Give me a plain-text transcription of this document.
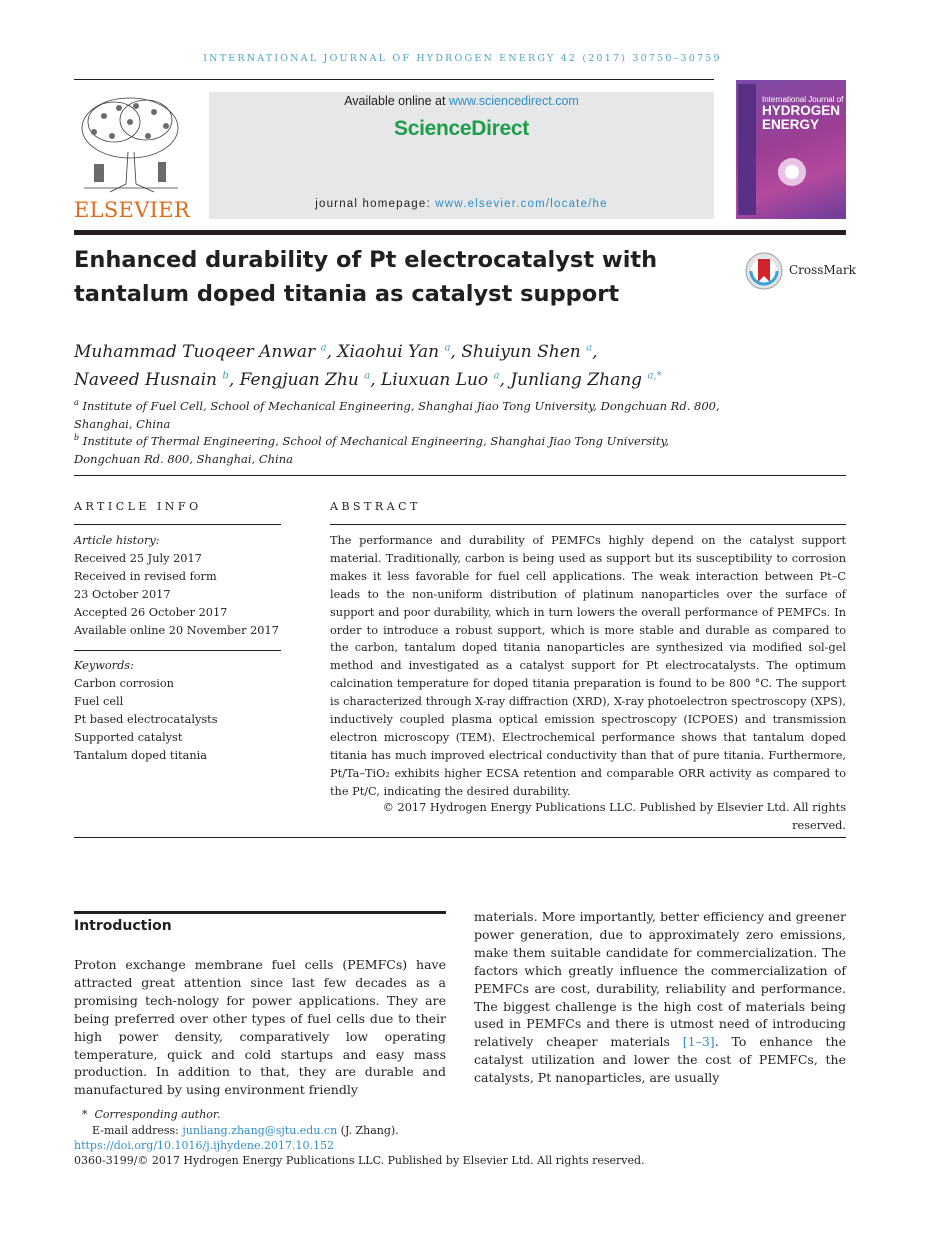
INTERNATIONAL JOURNAL OF HYDROGEN ENERGY 42 (2017) 30750–30759
ELSEVIER
Available online at www.sciencedirect.com
ScienceDirect
journal homepage: www.elsevier.com/locate/he
International Journal of
HYDROGEN ENERGY
Enhanced durability of Pt electrocatalyst with tantalum doped titania as catalyst support
CrossMark
Muhammad Tuoqeer Anwar $^a$, Xiaohui Yan $^a$, Shuiyun Shen $^a$,
Naveed Husnain $^b$, Fengjuan Zhu $^a$, Liuxuan Luo $^a$, Junliang Zhang $^{a,*}$
$^a$ Institute of Fuel Cell, School of Mechanical Engineering, Shanghai Jiao Tong University, Dongchuan Rd. 800, Shanghai, China
$^b$ Institute of Thermal Engineering, School of Mechanical Engineering, Shanghai Jiao Tong University, Dongchuan Rd. 800, Shanghai, China
ARTICLE INFO
Article history:
Received 25 July 2017
Received in revised form
23 October 2017
Accepted 26 October 2017
Available online 20 November 2017
Keywords:
Carbon corrosion
Fuel cell
Pt based electrocatalysts
Supported catalyst
Tantalum doped titania
ABSTRACT
The performance and durability of PEMFCs highly depend on the catalyst support material. Traditionally, carbon is being used as support but its susceptibility to corrosion makes it less favorable for fuel cell applications. The weak interaction between Pt–C leads to the non-uniform distribution of platinum nanoparticles over the surface of support and poor durability, which in turn lowers the overall performance of PEMFCs. In order to introduce a robust support, which is more stable and durable as compared to the carbon, tantalum doped titania nanoparticles are synthesized via modified sol-gel method and investigated as a catalyst support for Pt electrocatalysts. The optimum calcination temperature for doped titania preparation is found to be 800 °C. The support is characterized through X-ray diffraction (XRD), X-ray photoelectron spectroscopy (XPS), inductively coupled plasma optical emission spectroscopy (ICPOES) and transmission electron microscopy (TEM). Electrochemical performance shows that tantalum doped titania has much improved electrical conductivity than that of pure titania. Furthermore, Pt/Ta–TiO₂ exhibits higher ECSA retention and comparable ORR activity as compared to the Pt/C, indicating the desired durability.
© 2017 Hydrogen Energy Publications LLC. Published by Elsevier Ltd. All rights reserved.
Introduction
Proton exchange membrane fuel cells (PEMFCs) have attracted great attention since last few decades as a promising tech-nology for power applications. They are being preferred over other types of fuel cells due to their high power density, comparatively low operating temperature, quick and cold startups and easy mass production. In addition to that, they are durable and manufactured by using environment friendly
materials. More importantly, better efficiency and greener power generation, due to approximately zero emissions, make them suitable candidate for commercialization. The factors which greatly influence the commercialization of PEMFCs are cost, durability, reliability and performance. The biggest challenge is the high cost of materials being used in PEMFCs and there is utmost need of introducing relatively cheaper materials [1–3]. To enhance the catalyst utilization and lower the cost of PEMFCs, the catalysts, Pt nanoparticles, are usually
* Corresponding author.
E-mail address: junliang.zhang@sjtu.edu.cn (J. Zhang).
https://doi.org/10.1016/j.ijhydene.2017.10.152
0360-3199/© 2017 Hydrogen Energy Publications LLC. Published by Elsevier Ltd. All rights reserved.
